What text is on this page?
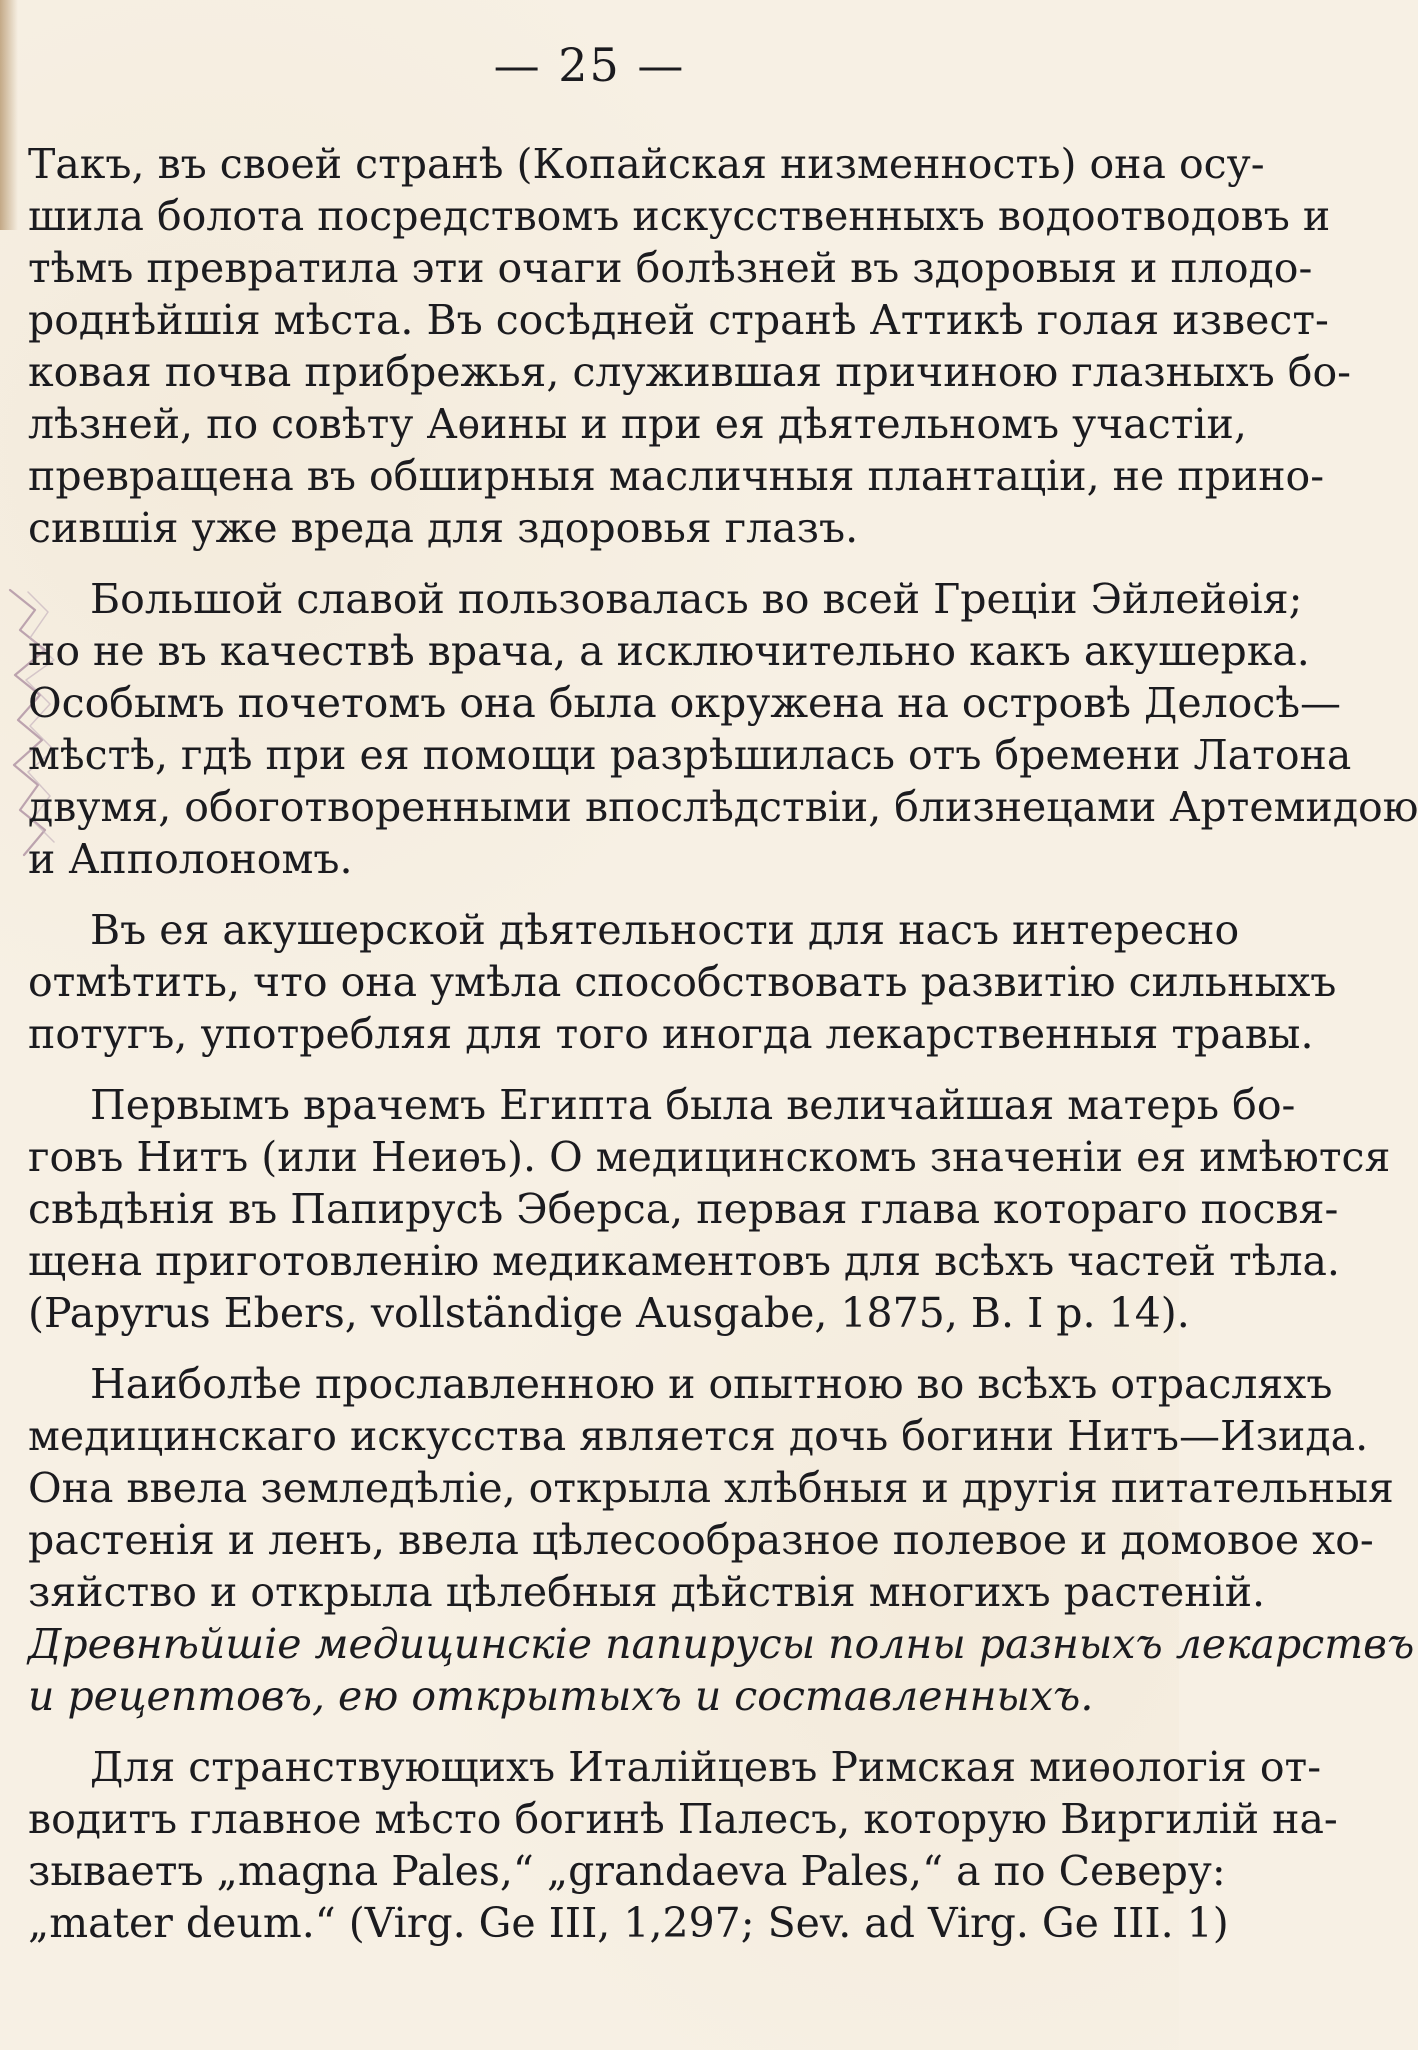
— 25 —
Такъ, въ своей странѣ (Копайская низменность) она осу-
шила болота посредствомъ искусственныхъ водоотводовъ и
тѣмъ превратила эти очаги болѣзней въ здоровыя и плодо-
роднѣйшія мѣста. Въ сосѣдней странѣ Аттикѣ голая извест-
ковая почва прибрежья, служившая причиною глазныхъ бо-
лѣзней, по совѣту Аѳины и при ея дѣятельномъ участіи,
превращена въ обширныя масличныя плантаціи, не прино-
сившія уже вреда для здоровья глазъ.
Большой славой пользовалась во всей Греціи Эйлейѳія;
но не въ качествѣ врача, а исключительно какъ акушерка.
Особымъ почетомъ она была окружена на островѣ Делосѣ—
мѣстѣ, гдѣ при ея помощи разрѣшилась отъ бремени Латона
двумя, обоготворенными впослѣдствіи, близнецами Артемидою
и Апполономъ.
Въ ея акушерской дѣятельности для насъ интересно
отмѣтить, что она умѣла способствовать развитію сильныхъ
потугъ, употребляя для того иногда лекарственныя травы.
Первымъ врачемъ Египта была величайшая матерь бо-
говъ Нитъ (или Неиѳъ). О медицинскомъ значеніи ея имѣются
свѣдѣнія въ Папирусѣ Эберса, первая глава котораго посвя-
щена приготовленію медикаментовъ для всѣхъ частей тѣла.
(Papyrus Ebers, vollständige Ausgabe, 1875, B. I p. 14).
Наиболѣе прославленною и опытною во всѣхъ отрасляхъ
медицинскаго искусства является дочь богини Нитъ—Изида.
Она ввела земледѣліе, открыла хлѣбныя и другія питательныя
растенія и ленъ, ввела цѣлесообразное полевое и домовое хо-
зяйство и открыла цѣлебныя дѣйствія многихъ растеній.
Древнѣйшіе медицинскіе папирусы полны разныхъ лекарствъ
и рецептовъ, ею открытыхъ и составленныхъ.
Для странствующихъ Италійцевъ Римская миѳологія от-
водитъ главное мѣсто богинѣ Палесъ, которую Виргилій на-
зываетъ „magna Pales,“ „grandaeva Pales,“ а по Северу:
„mater deum.“ (Virg. Ge III, 1,297; Sev. ad Virg. Ge III. 1)
